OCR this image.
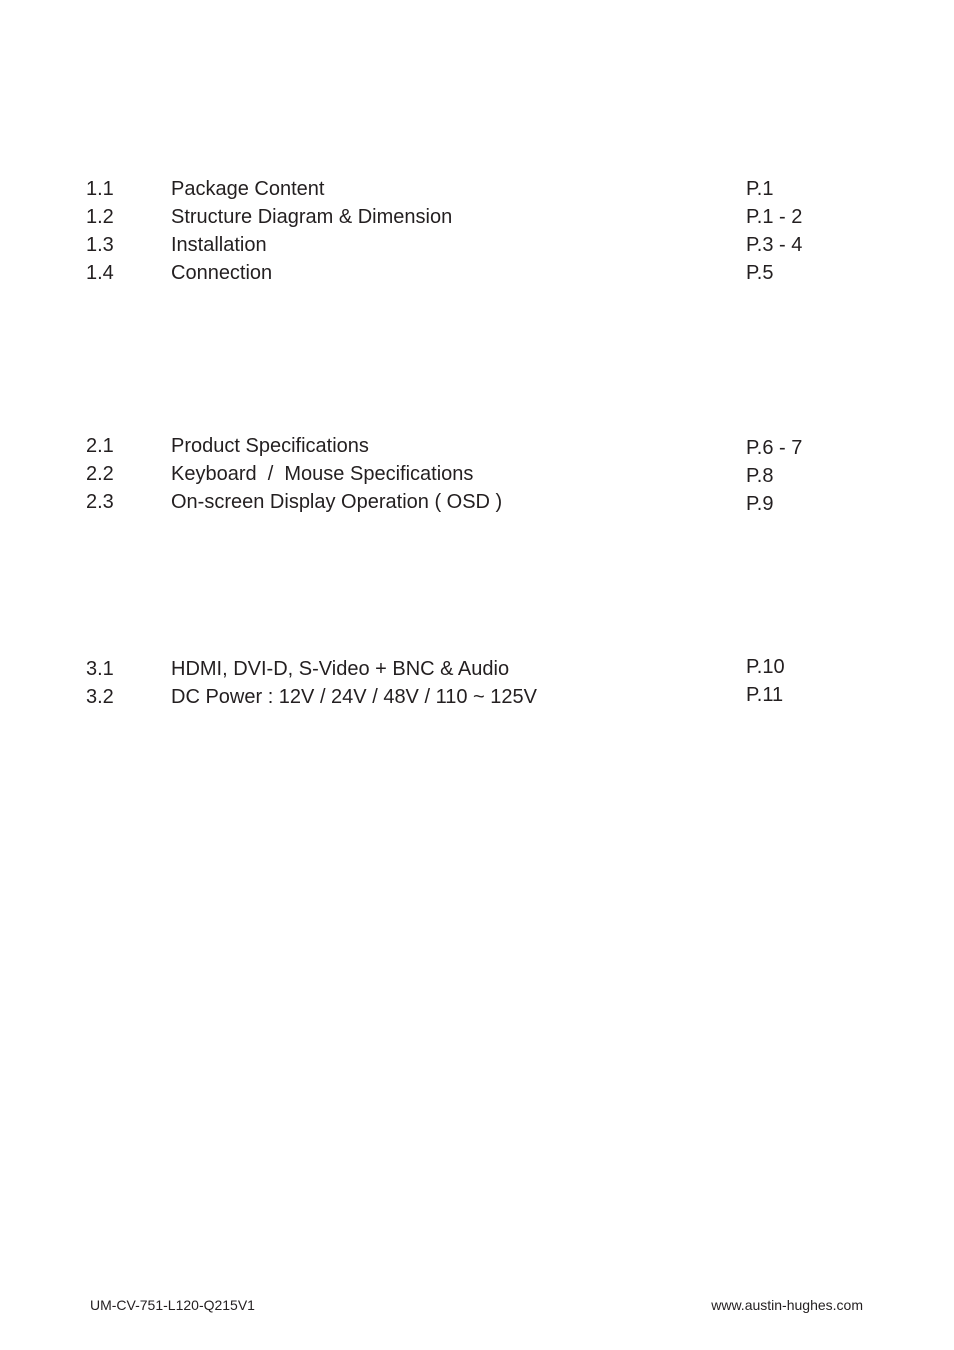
1.1	Package Content	P.1
1.2	Structure Diagram & Dimension	P.1 - 2
1.3	Installation	P.3 - 4
1.4	Connection	P.5
2.1	Product Specifications	P.6 - 7
2.2	Keyboard  /  Mouse Specifications	P.8
2.3	On-screen Display Operation ( OSD )	P.9
3.1	HDMI, DVI-D, S-Video + BNC & Audio	P.10
3.2	DC Power : 12V / 24V / 48V / 110 ~ 125V	P.11
UM-CV-751-L120-Q215V1	www.austin-hughes.com
